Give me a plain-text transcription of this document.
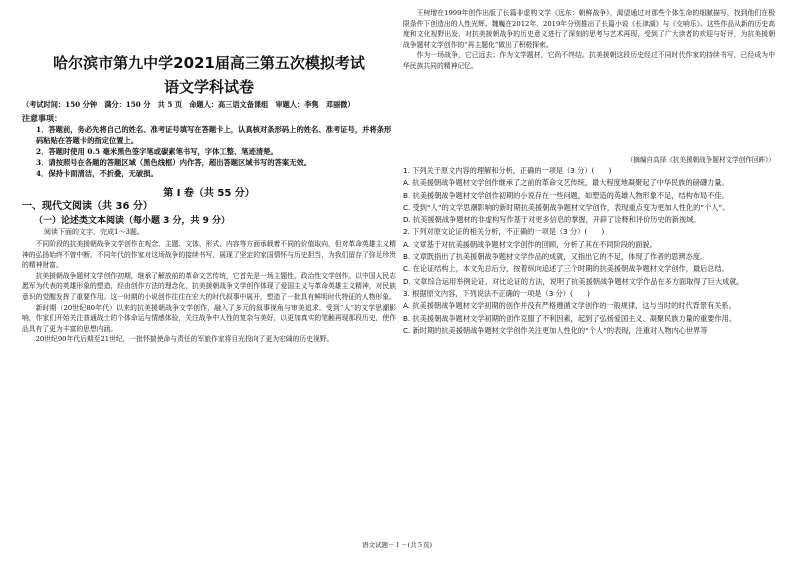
哈尔滨市第九中学2021届高三第五次模拟考试
语文学科试卷
（考试时间：150 分钟　满分：150 分　共 5 页　命题人：高三语文备课组　审题人：李隽　邓丽微）
注意事项：

1．答题前，务必先将自己的姓名、准考证号填写在答题卡上，认真核对条形码上的姓名、准考证号，并将条形码粘贴在答题卡的指定位置上。

2．答题时使用 0.5 毫米黑色签字笔或碳素笔书写，字体工整、笔迹清楚。

3．请按照号在各题的答题区域（黑色线框）内作答，超出答题区域书写的答案无效。

4．保持卡面清洁，不折叠，无破损。

第 I 卷（共 55 分）
一、现代文阅读（共 36 分）
（一）论述类文本阅读（每小题 3 分，共 9 分）
阅读下面的文字，完成1～3题。

不同阶段的抗美援朝战争文学创作在观念、主题、文体、形式、内容等方面承载着不同的价值取向，但对革命英雄主义精神的弘扬始终不曾中断。不同年代的作家对这场战争的接续书写，展现了坚定的家国情怀与历史担当，为我们留存了弥足珍贵的精神财富。

抗美援朝战争题材文学创作初期，继承了解放前的革命文艺传统，它首先是一场主题性、政治性文学创作。以中国人民志愿军为代表的英雄形象的塑造，经由创作方法的理念化，抗美援朝战争文学创作体现了爱国主义与革命英雄主义精神，对民族意识的觉醒发挥了重要作用。这一时期的小说创作往往在宏大的时代叙事中展开，塑造了一批具有鲜明时代特征的人物形象。

新时期（20世纪80年代）以来的抗美援朝战争文学创作，融入了多元的叙事视角与审美追求。受到“人”的文学思潮影响，作家们开始关注普通战士的个体命运与情感体验，关注战争中人性的复杂与美好，以更加真实的笔触再现那段历史，使作品具有了更为丰富的思想内涵。

20世纪90年代后期至21世纪，一批怀揣使命与责任的军旅作家将目光投向了更为宏阔的历史视野。

王树增在1999年创作出版了长篇非虚构文学《远东：朝鲜战争》，渴望通过对那些个体生命的细腻描写，找到他们在极限条件下创造出的人性光辉。魏巍在2012年、2019年分别推出了长篇小说《长津湖》与《交响乐》。这些作品从新的历史高度和文化视野出发，对抗美援朝战争的历史意义进行了深刻的思考与艺术再现，受到了广大读者的欢迎与好评，为抗美援朝战争题材文学创作的“再主题化”做出了积极探索。

作为一场战争，它已远去；作为文学题材，它尚不终结。抗美援朝这段历史经过不同时代作家的持续书写，已经成为中华民族共同的精神记忆。

（摘编自高择《抗美援朝战争题材文学创作回眸》）

1. 下列关于原文内容的理解和分析，正确的一项是（3 分）(　　)

A. 抗美援朝战争题材文学创作继承了之前的革命文艺传统，最大程度地凝聚起了中华民族的磅礴力量。

B. 抗美援朝战争题材文学创作初期的小说存在一些问题，如塑造的英雄人物形象不足，结构布局不佳。

C. 受到“人”的文学思潮影响的新时期抗美援朝战争题材文学创作，表现重点变为更加人性化的“个人”。

D. 抗美援朝战争题材的非虚构写作基于对更多信息的掌握，开辟了诠释和评价历史的新视域。

2. 下列对原文论证的相关分析，不正确的一项是（3 分）(　　)

A. 文章基于对抗美援朝战争题材文学创作的回顾，分析了其在不同阶段的面貌。

B. 文章既指出了抗美援朝战争题材文学作品的成就，又指出它的不足，体现了作者的思辨态度。

C. 在论证结构上，本文先总后分，按着纵向追述了三个时期的抗美援朝战争题材文学创作，最后总结。

D. 文章综合运用举例论证、对比论证的方法，说明了抗美援朝战争题材文学作品在多方面取得了巨大成就。

3. 根据原文内容，下列说法不正确的一项是（3 分）(　　)

A. 抗美援朝战争题材文学初期的创作并没有严格遵循文学创作的一般规律，这与当时的时代背景有关系。

B. 抗美援朝战争题材文学初期的创作克服了不利因素，起到了弘扬爱国主义、凝聚民族力量的重要作用。

C. 新时期的抗美援朝战争题材文学创作关注更加人性化的“个人”的表现，注重对人物内心世界等

语文试题－１－(共５页)
